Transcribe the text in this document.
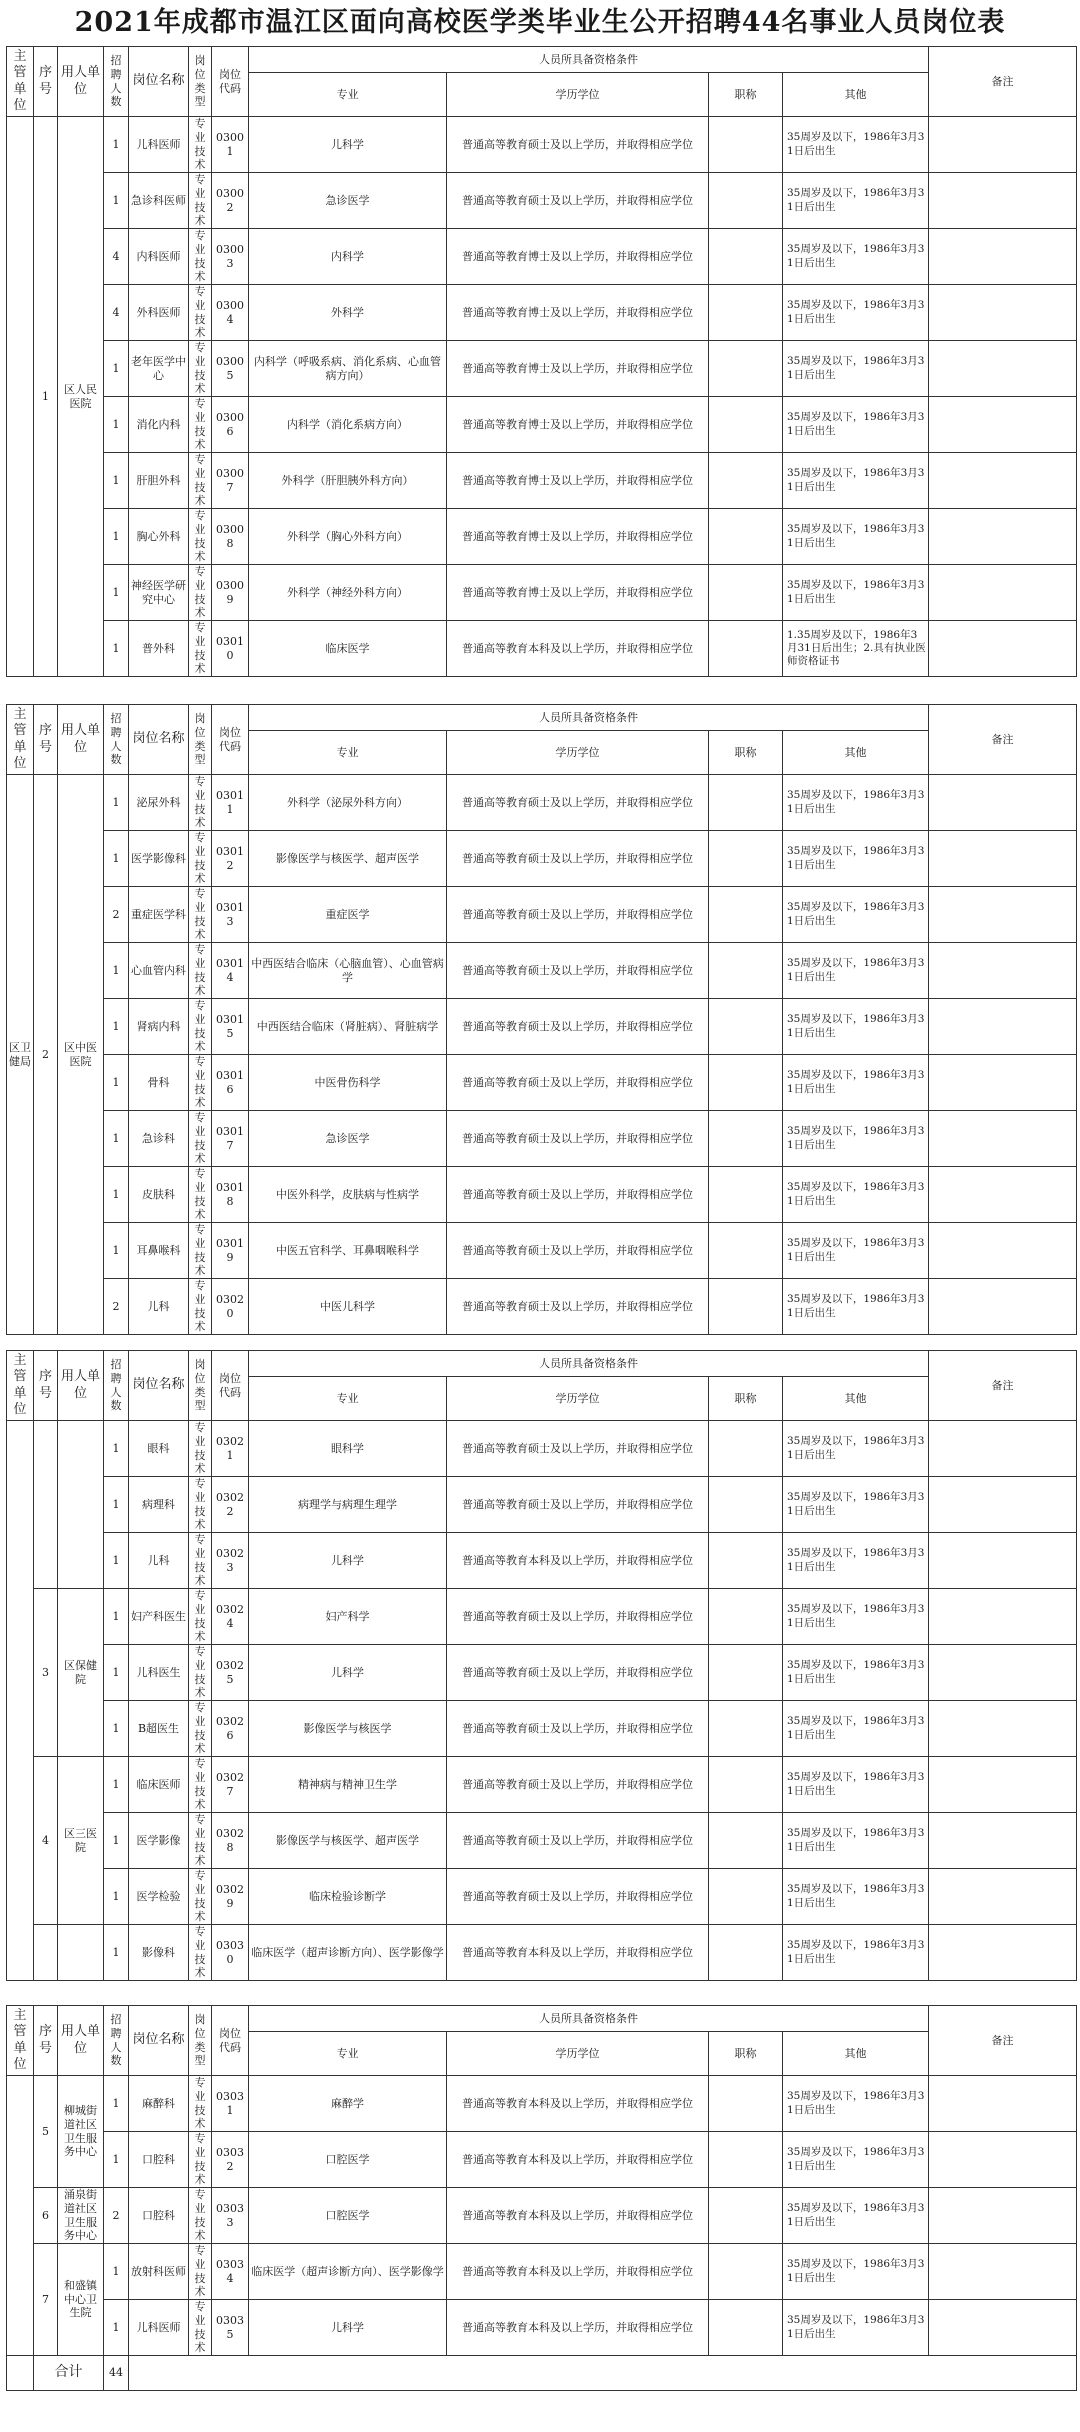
2021年成都市温江区面向高校医学类毕业生公开招聘44名事业人员岗位表
主管单位	序号	用人单位	招聘人数	岗位名称	岗位类型	岗位代码	人员所具备资格条件				备注
							专业	学历学位	职称	其他	
	1	区人民医院	1	儿科医师	专业技术	03001	儿科学	普通高等教育硕士及以上学历，并取得相应学位		35周岁及以下，1986年3月31日后出生	
			1	急诊科医师	专业技术	03002	急诊医学	普通高等教育硕士及以上学历，并取得相应学位		35周岁及以下，1986年3月31日后出生	
			4	内科医师	专业技术	03003	内科学	普通高等教育博士及以上学历，并取得相应学位		35周岁及以下，1986年3月31日后出生	
			4	外科医师	专业技术	03004	外科学	普通高等教育博士及以上学历，并取得相应学位		35周岁及以下，1986年3月31日后出生	
			1	老年医学中心	专业技术	03005	内科学（呼吸系病、消化系病、心血管病方向）	普通高等教育博士及以上学历，并取得相应学位		35周岁及以下，1986年3月31日后出生	
			1	消化内科	专业技术	03006	内科学（消化系病方向）	普通高等教育博士及以上学历，并取得相应学位		35周岁及以下，1986年3月31日后出生	
			1	肝胆外科	专业技术	03007	外科学（肝胆胰外科方向）	普通高等教育博士及以上学历，并取得相应学位		35周岁及以下，1986年3月31日后出生	
			1	胸心外科	专业技术	03008	外科学（胸心外科方向）	普通高等教育博士及以上学历，并取得相应学位		35周岁及以下，1986年3月31日后出生	
			1	神经医学研究中心	专业技术	03009	外科学（神经外科方向）	普通高等教育博士及以上学历，并取得相应学位		35周岁及以下，1986年3月31日后出生	
			1	普外科	专业技术	03010	临床医学	普通高等教育本科及以上学历，并取得相应学位		1.35周岁及以下，1986年3月31日后出生；2.具有执业医师资格证书	
主管单位	序号	用人单位	招聘人数	岗位名称	岗位类型	岗位代码	人员所具备资格条件				备注
							专业	学历学位	职称	其他	
区卫健局	2	区中医医院	1	泌尿外科	专业技术	03011	外科学（泌尿外科方向）	普通高等教育硕士及以上学历，并取得相应学位		35周岁及以下，1986年3月31日后出生	
			1	医学影像科	专业技术	03012	影像医学与核医学、超声医学	普通高等教育硕士及以上学历，并取得相应学位		35周岁及以下，1986年3月31日后出生	
			2	重症医学科	专业技术	03013	重症医学	普通高等教育硕士及以上学历，并取得相应学位		35周岁及以下，1986年3月31日后出生	
			1	心血管内科	专业技术	03014	中西医结合临床（心脑血管）、心血管病学	普通高等教育硕士及以上学历，并取得相应学位		35周岁及以下，1986年3月31日后出生	
			1	肾病内科	专业技术	03015	中西医结合临床（肾脏病）、肾脏病学	普通高等教育硕士及以上学历，并取得相应学位		35周岁及以下，1986年3月31日后出生	
			1	骨科	专业技术	03016	中医骨伤科学	普通高等教育硕士及以上学历，并取得相应学位		35周岁及以下，1986年3月31日后出生	
			1	急诊科	专业技术	03017	急诊医学	普通高等教育硕士及以上学历，并取得相应学位		35周岁及以下，1986年3月31日后出生	
			1	皮肤科	专业技术	03018	中医外科学，皮肤病与性病学	普通高等教育硕士及以上学历，并取得相应学位		35周岁及以下，1986年3月31日后出生	
			1	耳鼻喉科	专业技术	03019	中医五官科学、耳鼻咽喉科学	普通高等教育硕士及以上学历，并取得相应学位		35周岁及以下，1986年3月31日后出生	
			2	儿科	专业技术	03020	中医儿科学	普通高等教育硕士及以上学历，并取得相应学位		35周岁及以下，1986年3月31日后出生	
主管单位	序号	用人单位	招聘人数	岗位名称	岗位类型	岗位代码	人员所具备资格条件				备注
							专业	学历学位	职称	其他	
			1	眼科	专业技术	03021	眼科学	普通高等教育硕士及以上学历，并取得相应学位		35周岁及以下，1986年3月31日后出生	
			1	病理科	专业技术	03022	病理学与病理生理学	普通高等教育硕士及以上学历，并取得相应学位		35周岁及以下，1986年3月31日后出生	
			1	儿科	专业技术	03023	儿科学	普通高等教育本科及以上学历，并取得相应学位		35周岁及以下，1986年3月31日后出生	
	3	区保健院	1	妇产科医生	专业技术	03024	妇产科学	普通高等教育硕士及以上学历，并取得相应学位		35周岁及以下，1986年3月31日后出生	
			1	儿科医生	专业技术	03025	儿科学	普通高等教育硕士及以上学历，并取得相应学位		35周岁及以下，1986年3月31日后出生	
			1	B超医生	专业技术	03026	影像医学与核医学	普通高等教育硕士及以上学历，并取得相应学位		35周岁及以下，1986年3月31日后出生	
	4	区三医院	1	临床医师	专业技术	03027	精神病与精神卫生学	普通高等教育硕士及以上学历，并取得相应学位		35周岁及以下，1986年3月31日后出生	
			1	医学影像	专业技术	03028	影像医学与核医学、超声医学	普通高等教育硕士及以上学历，并取得相应学位		35周岁及以下，1986年3月31日后出生	
			1	医学检验	专业技术	03029	临床检验诊断学	普通高等教育硕士及以上学历，并取得相应学位		35周岁及以下，1986年3月31日后出生	
			1	影像科	专业技术	03030	临床医学（超声诊断方向）、医学影像学	普通高等教育本科及以上学历，并取得相应学位		35周岁及以下，1986年3月31日后出生	
主管单位	序号	用人单位	招聘人数	岗位名称	岗位类型	岗位代码	人员所具备资格条件				备注
							专业	学历学位	职称	其他	
	5	柳城街道社区卫生服务中心	1	麻醉科	专业技术	03031	麻醉学	普通高等教育本科及以上学历，并取得相应学位		35周岁及以下，1986年3月31日后出生	
			1	口腔科	专业技术	03032	口腔医学	普通高等教育本科及以上学历，并取得相应学位		35周岁及以下，1986年3月31日后出生	
	6	涌泉街道社区卫生服务中心	2	口腔科	专业技术	03033	口腔医学	普通高等教育本科及以上学历，并取得相应学位		35周岁及以下，1986年3月31日后出生	
	7	和盛镇中心卫生院	1	放射科医师	专业技术	03034	临床医学（超声诊断方向）、医学影像学	普通高等教育本科及以上学历，并取得相应学位		35周岁及以下，1986年3月31日后出生	
			1	儿科医师	专业技术	03035	儿科学	普通高等教育本科及以上学历，并取得相应学位		35周岁及以下，1986年3月31日后出生	
	合计		44								
